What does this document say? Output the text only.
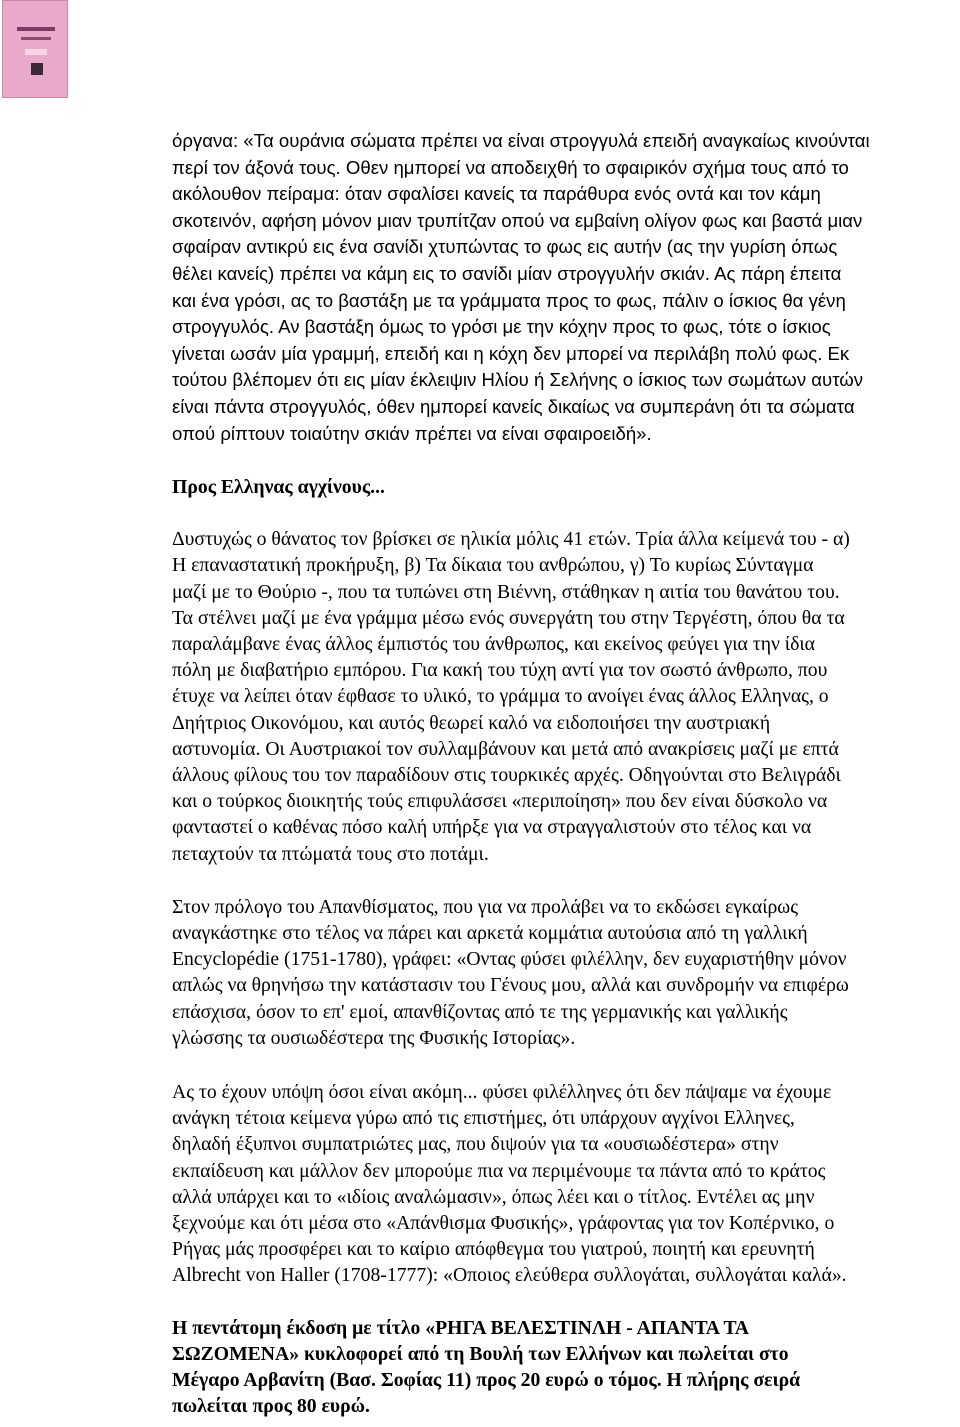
όργανα: «Τα ουράνια σώματα πρέπει να είναι στρογγυλά επειδή αναγκαίως κινούνται
περί τον άξονά τους. Οθεν ημπορεί να αποδειχθή το σφαιρικόν σχήμα τους από το
ακόλουθον πείραμα: όταν σφαλίσει κανείς τα παράθυρα ενός οντά και τον κάμη
σκοτεινόν, αφήση μόνον μιαν τρυπίτζαν οπού να εμβαίνη ολίγον φως και βαστά μιαν
σφαίραν αντικρύ εις ένα σανίδι χτυπώντας το φως εις αυτήν (ας την γυρίση όπως
θέλει κανείς) πρέπει να κάμη εις το σανίδι μίαν στρογγυλήν σκιάν. Ας πάρη έπειτα
και ένα γρόσι, ας το βαστάξη με τα γράμματα προς το φως, πάλιν ο ίσκιος θα γένη
στρογγυλός. Αν βαστάξη όμως το γρόσι με την κόχην προς το φως, τότε ο ίσκιος
γίνεται ωσάν μία γραμμή, επειδή και η κόχη δεν μπορεί να περιλάβη πολύ φως. Εκ
τούτου βλέπομεν ότι εις μίαν έκλειψιν Ηλίου ή Σελήνης ο ίσκιος των σωμάτων αυτών
είναι πάντα στρογγυλός, όθεν ημπορεί κανείς δικαίως να συμπεράνη ότι τα σώματα
οπού ρίπτουν τοιαύτην σκιάν πρέπει να είναι σφαιροειδή».
Προς Ελληνας αγχίνους...
Δυστυχώς ο θάνατος τον βρίσκει σε ηλικία μόλις 41 ετών. Τρία άλλα κείμενά του - α)
Η επαναστατική προκήρυξη, β) Τα δίκαια του ανθρώπου, γ) Το κυρίως Σύνταγμα
μαζί με το Θούριο -, που τα τυπώνει στη Βιέννη, στάθηκαν η αιτία του θανάτου του.
Τα στέλνει μαζί με ένα γράμμα μέσω ενός συνεργάτη του στην Τεργέστη, όπου θα τα
παραλάμβανε ένας άλλος έμπιστός του άνθρωπος, και εκείνος φεύγει για την ίδια
πόλη με διαβατήριο εμπόρου. Για κακή του τύχη αντί για τον σωστό άνθρωπο, που
έτυχε να λείπει όταν έφθασε το υλικό, το γράμμα το ανοίγει ένας άλλος Ελληνας, ο
Δηήτριος Οικονόμου, και αυτός θεωρεί καλό να ειδοποιήσει την αυστριακή
αστυνομία. Οι Αυστριακοί τον συλλαμβάνουν και μετά από ανακρίσεις μαζί με επτά
άλλους φίλους του τον παραδίδουν στις τουρκικές αρχές. Οδηγούνται στο Βελιγράδι
και ο τούρκος διοικητής τούς επιφυλάσσει «περιποίηση» που δεν είναι δύσκολο να
φανταστεί ο καθένας πόσο καλή υπήρξε για να στραγγαλιστούν στο τέλος και να
πεταχτούν τα πτώματά τους στο ποτάμι.
Στον πρόλογο του Απανθίσματος, που για να προλάβει να το εκδώσει εγκαίρως
αναγκάστηκε στο τέλος να πάρει και αρκετά κομμάτια αυτούσια από τη γαλλική
Encyclopédie (1751-1780), γράφει: «Οντας φύσει φιλέλλην, δεν ευχαριστήθην μόνον
απλώς να θρηνήσω την κατάστασιν του Γένους μου, αλλά και συνδρομήν να επιφέρω
επάσχισα, όσον το επ' εμοί, απανθίζοντας από τε της γερμανικής και γαλλικής
γλώσσης τα ουσιωδέστερα της Φυσικής Ιστορίας».
Ας το έχουν υπόψη όσοι είναι ακόμη... φύσει φιλέλληνες ότι δεν πάψαμε να έχουμε
ανάγκη τέτοια κείμενα γύρω από τις επιστήμες, ότι υπάρχουν αγχίνοι Ελληνες,
δηλαδή έξυπνοι συμπατριώτες μας, που διψούν για τα «ουσιωδέστερα» στην
εκπαίδευση και μάλλον δεν μπορούμε πια να περιμένουμε τα πάντα από το κράτος
αλλά υπάρχει και το «ιδίοις αναλώμασιν», όπως λέει και ο τίτλος. Εντέλει ας μην
ξεχνούμε και ότι μέσα στο «Απάνθισμα Φυσικής», γράφοντας για τον Κοπέρνικο, ο
Ρήγας μάς προσφέρει και το καίριο απόφθεγμα του γιατρού, ποιητή και ερευνητή
Albrecht von Haller (1708-1777): «Οποιος ελεύθερα συλλογάται, συλλογάται καλά».
Η πεντάτομη έκδοση με τίτλο «ΡΗΓΑ ΒΕΛΕΣΤΙΝΛΗ - ΑΠΑΝΤΑ ΤΑ
ΣΩΖΟΜΕΝΑ» κυκλοφορεί από τη Βουλή των Ελλήνων και πωλείται στο
Μέγαρο Αρβανίτη (Βασ. Σοφίας 11) προς 20 ευρώ ο τόμος. Η πλήρης σειρά
πωλείται προς 80 ευρώ.
